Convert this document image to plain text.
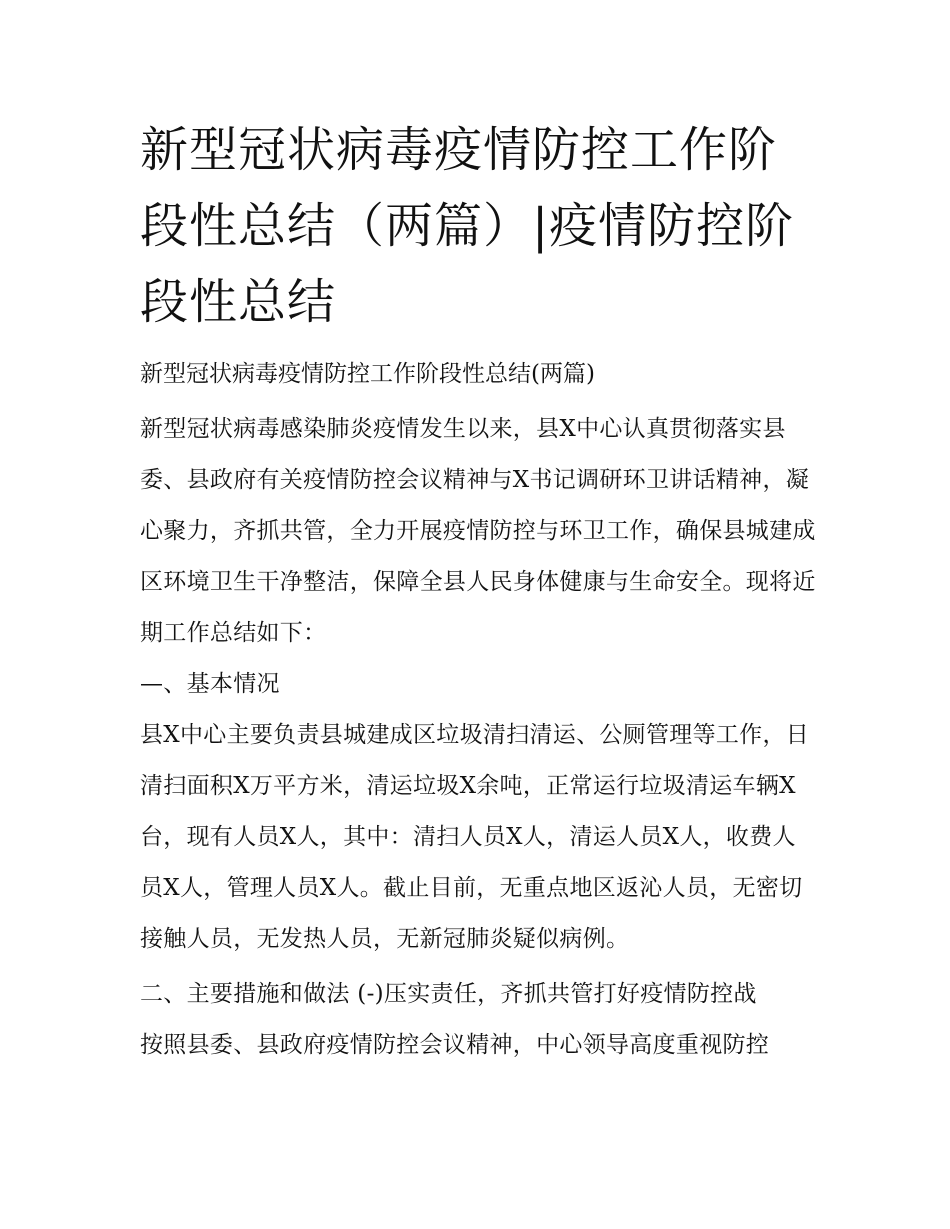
新型冠状病毒疫情防控工作阶段性总结（两篇）|疫情防控阶段性总结

新型冠状病毒疫情防控工作阶段性总结(两篇)

新型冠状病毒感染肺炎疫情发生以来，县X中心认真贯彻落实县委、县政府有关疫情防控会议精神与X书记调研环卫讲话精神，凝心聚力，齐抓共管，全力开展疫情防控与环卫工作，确保县城建成区环境卫生干净整洁，保障全县人民身体健康与生命安全。现将近期工作总结如下：

—、基本情况

县X中心主要负责县城建成区垃圾清扫清运、公厕管理等工作，日清扫面积X万平方米，清运垃圾X余吨，正常运行垃圾清运车辆X台，现有人员X人，其中：清扫人员X人，清运人员X人，收费人员X人，管理人员X人。截止目前，无重点地区返沁人员，无密切接触人员，无发热人员，无新冠肺炎疑似病例。

二、主要措施和做法 (-)压实责任，齐抓共管打好疫情防控战

按照县委、县政府疫情防控会议精神，中心领导高度重视防控
